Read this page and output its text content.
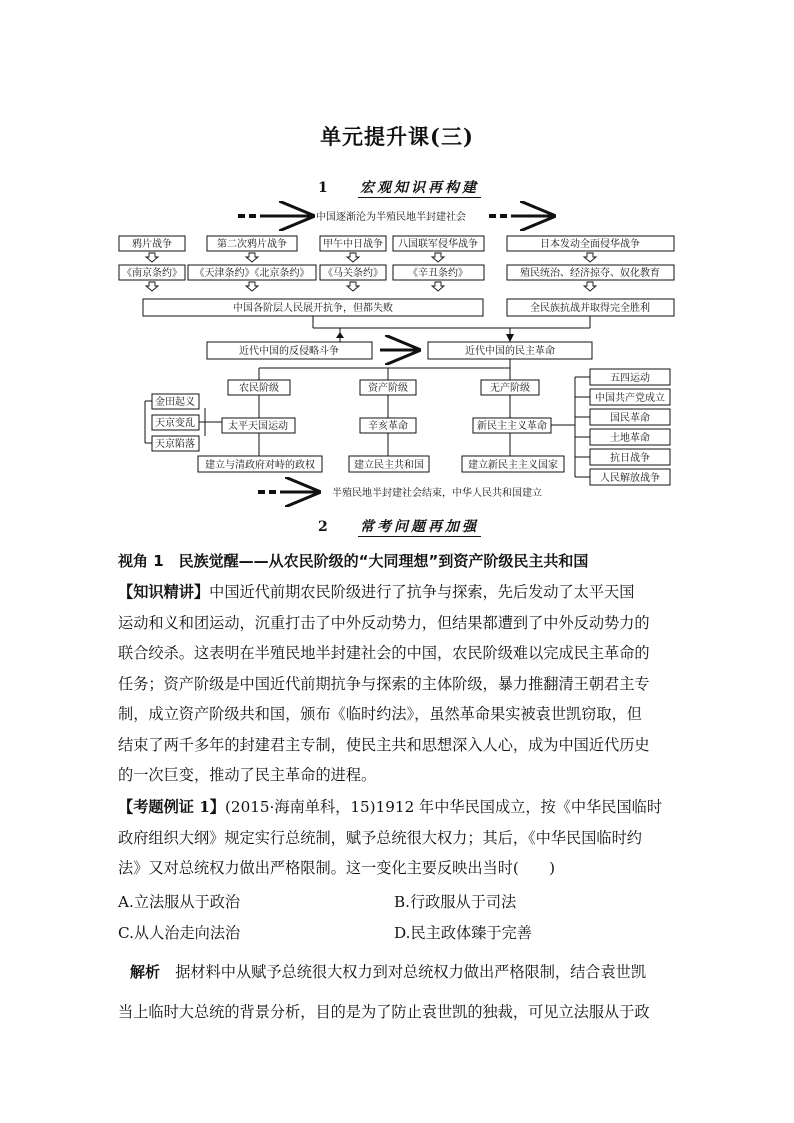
单元提升课(三)
1 宏观知识再构建
中国逐渐沦为半殖民地半封建社会
鸦片战争	第二次鸦片战争	甲午中日战争 八国联军侵华战争	日本发动全面侵华战争
《南京条约》 《天津条约》《北京条约》 《马关条约》	《辛丑条约》	殖民统治、经济掠夺、奴化教育
中国各阶层人民展开抗争，但都失败	全民族抗战并取得完全胜利
近代中国的反侵略斗争	近代中国的民主革命
农民阶级	资产阶级	无产阶级
太平天国运动	辛亥革命	新民主主义革命
建立与清政府对峙的政权	建立民主共和国	建立新民主主义国家
金田起义
天京变乱
天京陷落
五四运动
中国共产党成立
国民革命
土地革命
抗日战争
人民解放战争
半殖民地半封建社会结束，中华人民共和国建立
2 常考问题再加强
视角 1　民族觉醒——从农民阶级的“大同理想”到资产阶级民主共和国
【知识精讲】中国近代前期农民阶级进行了抗争与探索，先后发动了太平天国
运动和义和团运动，沉重打击了中外反动势力，但结果都遭到了中外反动势力的
联合绞杀。这表明在半殖民地半封建社会的中国，农民阶级难以完成民主革命的
任务；资产阶级是中国近代前期抗争与探索的主体阶级，暴力推翻清王朝君主专
制，成立资产阶级共和国，颁布《临时约法》，虽然革命果实被袁世凯窃取，但
结束了两千多年的封建君主专制，使民主共和思想深入人心，成为中国近代历史
的一次巨变，推动了民主革命的进程。
【考题例证 1】(2015·海南单科，15)1912 年中华民国成立，按《中华民国临时
政府组织大纲》规定实行总统制，赋予总统很大权力；其后，《中华民国临时约
法》又对总统权力做出严格限制。这一变化主要反映出当时(　　)
A.立法服从于政治	B.行政服从于司法
C.从人治走向法治	D.民主政体臻于完善
解析  据材料中从赋予总统很大权力到对总统权力做出严格限制，结合袁世凯
当上临时大总统的背景分析，目的是为了防止袁世凯的独裁，可见立法服从于政
